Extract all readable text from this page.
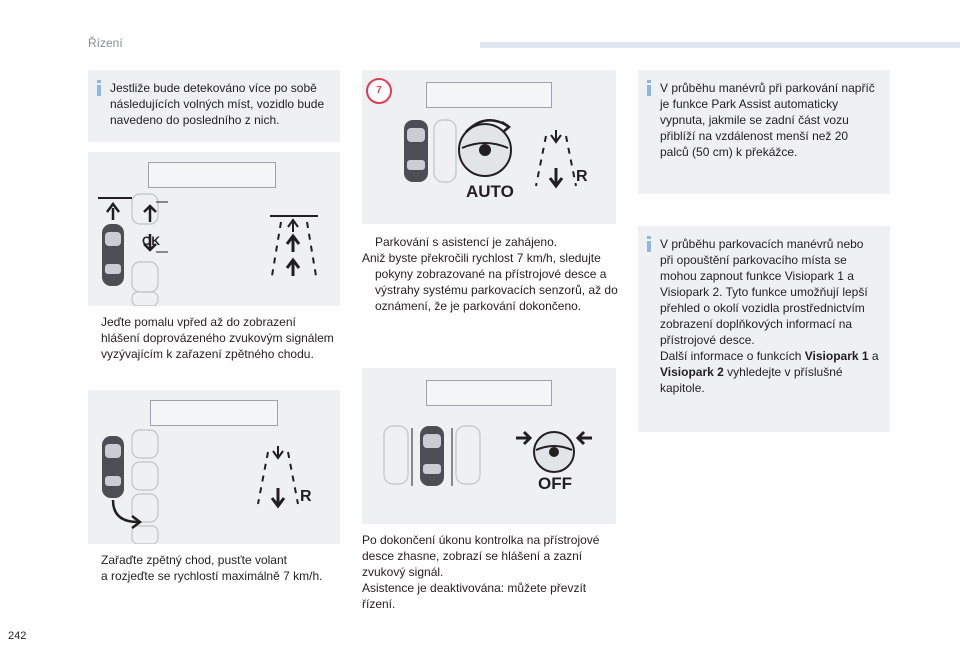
Řízení
Jestliže bude detekováno více po sobě následujících volných míst, vozidlo bude navedeno do posledního z nich.
OK
Jeďte pomalu vpřed až do zobrazení
hlášení doprovázeného zvukovým signálem vyzývajícím k zařazení zpětného chodu.
R
Zařaďte zpětný chod, pusťte volant
a rozjeďte se rychlostí maximálně 7 km/h.
7
AUTO
R
Parkování s asistencí je zahájeno.
Aniž byste překročili rychlost 7 km/h, sledujte
pokyny zobrazované na přístrojové desce a výstrahy systému parkovacích senzorů, až do oznámení, že je parkování dokončeno.
OFF
Po dokončení úkonu kontrolka na přístrojové desce zhasne, zobrazí se hlášení a zazní zvukový signál.
Asistence je deaktivována: můžete převzít řízení.
V průběhu manévrů při parkování napříč je funkce Park Assist automaticky vypnuta, jakmile se zadní část vozu přiblíží na vzdálenost menší než 20 palců (50 cm) k překážce.
V průběhu parkovacích manévrů nebo při opouštění parkovacího místa se mohou zapnout funkce Visiopark 1 a Visiopark 2. Tyto funkce umožňují lepší přehled o okolí vozidla prostřednictvím zobrazení doplňkových informací na přístrojové desce.
Další informace o funkcích Visiopark 1 a Visiopark 2 vyhledejte v příslušné kapitole.
242
